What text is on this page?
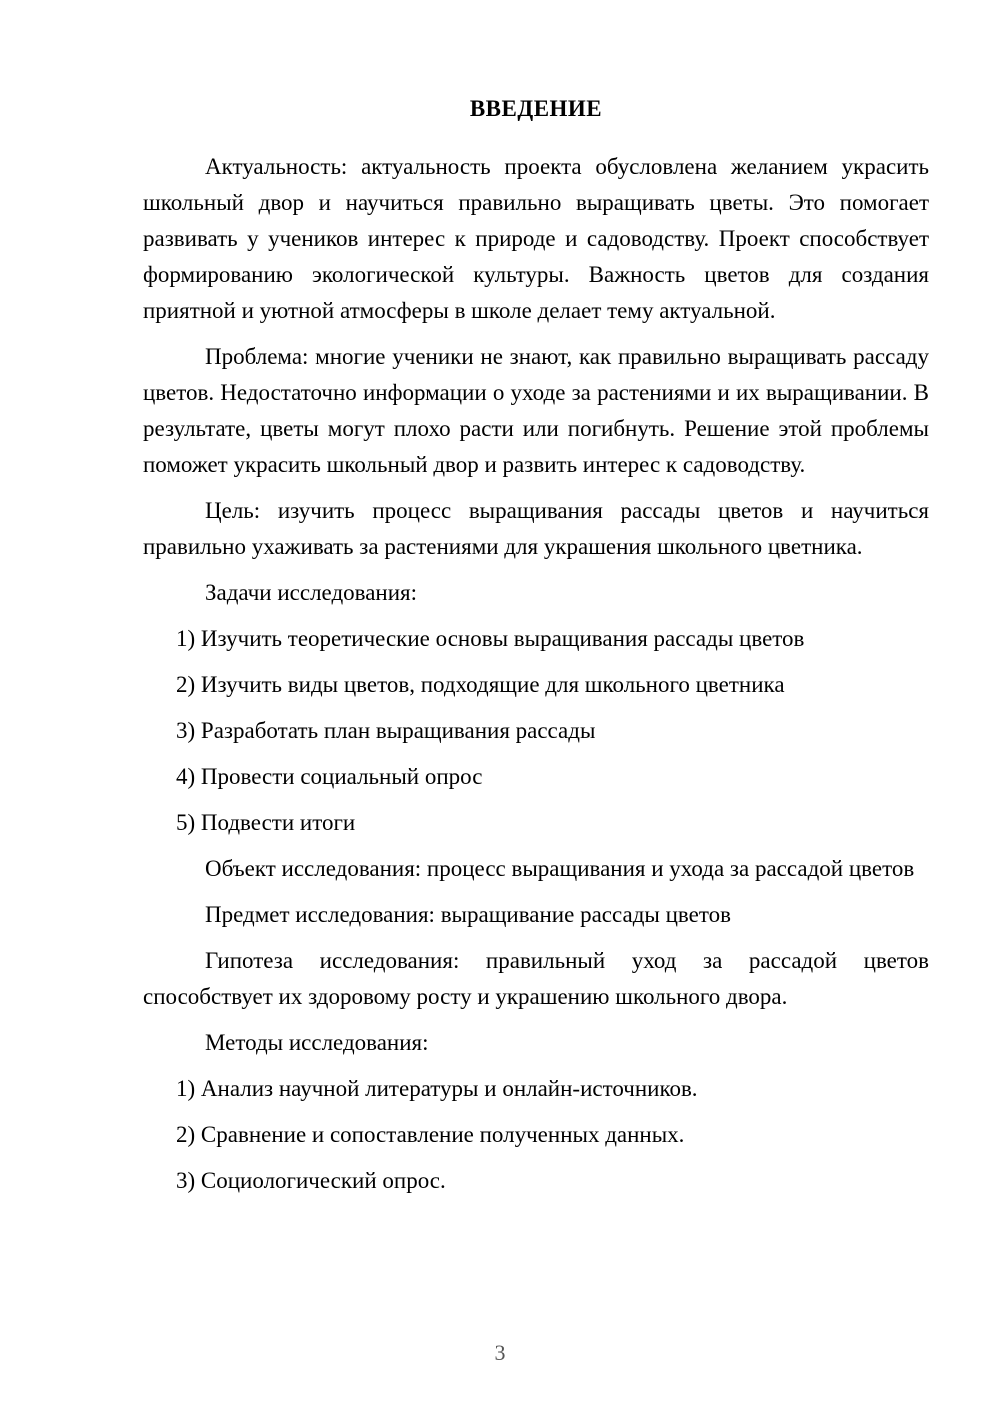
ВВЕДЕНИЕ

Актуальность: актуальность проекта обусловлена желанием украсить школьный двор и научиться правильно выращивать цветы. Это помогает развивать у учеников интерес к природе и садоводству. Проект способствует формированию экологической культуры. Важность цветов для создания приятной и уютной атмосферы в школе делает тему актуальной.

Проблема: многие ученики не знают, как правильно выращивать рассаду цветов. Недостаточно информации о уходе за растениями и их выращивании. В результате, цветы могут плохо расти или погибнуть. Решение этой проблемы поможет украсить школьный двор и развить интерес к садоводству.

Цель: изучить процесс выращивания рассады цветов и научиться правильно ухаживать за растениями для украшения школьного цветника.

Задачи исследования:

1) Изучить теоретические основы выращивания рассады цветов

2) Изучить виды цветов, подходящие для школьного цветника

3) Разработать план выращивания рассады

4) Провести социальный опрос

5) Подвести итоги

Объект исследования: процесс выращивания и ухода за рассадой цветов

Предмет исследования: выращивание рассады цветов

Гипотеза исследования: правильный уход за рассадой цветов способствует их здоровому росту и украшению школьного двора.

Методы исследования:

1) Анализ научной литературы и онлайн-источников.

2) Сравнение и сопоставление полученных данных.

3) Социологический опрос.

3
